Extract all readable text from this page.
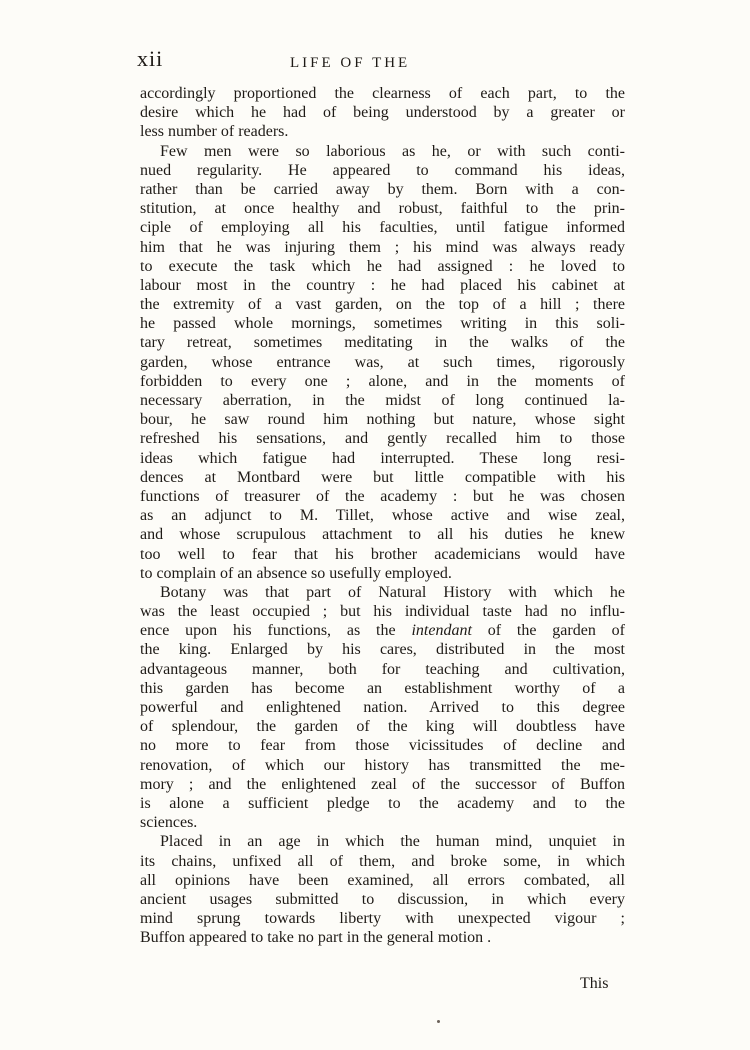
xii	LIFE OF THE
accordingly proportioned the clearness of each part, to the
desire which he had of being understood by a greater or
less number of readers.
Few men were so laborious as he, or with such conti-
nued regularity. He appeared to command his ideas,
rather than be carried away by them. Born with a con-
stitution, at once healthy and robust, faithful to the prin-
ciple of employing all his faculties, until fatigue informed
him that he was injuring them ; his mind was always ready
to execute the task which he had assigned : he loved to
labour most in the country : he had placed his cabinet at
the extremity of a vast garden, on the top of a hill ; there
he passed whole mornings, sometimes writing in this soli-
tary retreat, sometimes meditating in the walks of the
garden, whose entrance was, at such times, rigorously
forbidden to every one ; alone, and in the moments of
necessary aberration, in the midst of long continued la-
bour, he saw round him nothing but nature, whose sight
refreshed his sensations, and gently recalled him to those
ideas which fatigue had interrupted. These long resi-
dences at Montbard were but little compatible with his
functions of treasurer of the academy : but he was chosen
as an adjunct to M. Tillet, whose active and wise zeal,
and whose scrupulous attachment to all his duties he knew
too well to fear that his brother academicians would have
to complain of an absence so usefully employed.
Botany was that part of Natural History with which he
was the least occupied ; but his individual taste had no influ-
ence upon his functions, as the intendant of the garden of
the king. Enlarged by his cares, distributed in the most
advantageous manner, both for teaching and cultivation,
this garden has become an establishment worthy of a
powerful and enlightened nation. Arrived to this degree
of splendour, the garden of the king will doubtless have
no more to fear from those vicissitudes of decline and
renovation, of which our history has transmitted the me-
mory ; and the enlightened zeal of the successor of Buffon
is alone a sufficient pledge to the academy and to the
sciences.
Placed in an age in which the human mind, unquiet in
its chains, unfixed all of them, and broke some, in which
all opinions have been examined, all errors combated, all
ancient usages submitted to discussion, in which every
mind sprung towards liberty with unexpected vigour ;
Buffon appeared to take no part in the general motion .
This
